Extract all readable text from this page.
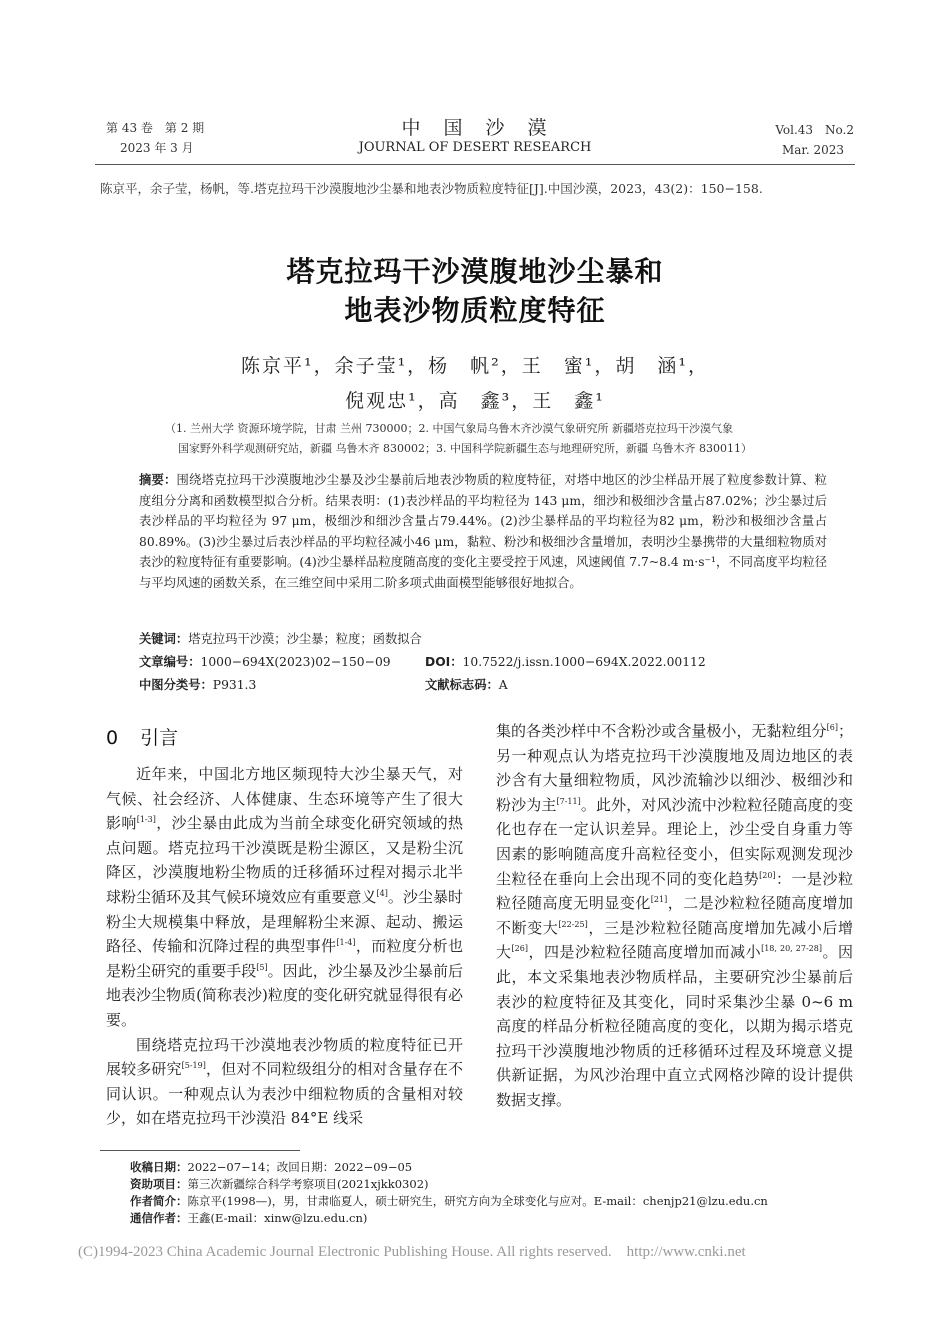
第 43 卷　第 2 期
2023 年 3 月
中　国　沙　漠
JOURNAL OF DESERT RESEARCH
Vol.43　No.2
Mar. 2023
陈京平，余子莹，杨帆，等.塔克拉玛干沙漠腹地沙尘暴和地表沙物质粒度特征[J].中国沙漠，2023，43(2)：150−158.
塔克拉玛干沙漠腹地沙尘暴和
地表沙物质粒度特征
陈京平¹，余子莹¹，杨　帆²，王　蜜¹，胡　涵¹，
倪观忠¹，高　鑫³，王　鑫¹
（1. 兰州大学 资源环境学院，甘肃 兰州 730000；2. 中国气象局乌鲁木齐沙漠气象研究所 新疆塔克拉玛干沙漠气象
国家野外科学观测研究站，新疆 乌鲁木齐 830002；3. 中国科学院新疆生态与地理研究所，新疆 乌鲁木齐 830011）
摘要：围绕塔克拉玛干沙漠腹地沙尘暴及沙尘暴前后地表沙物质的粒度特征，对塔中地区的沙尘样品开展了粒度参数计算、粒度组分分离和函数模型拟合分析。结果表明：(1)表沙样品的平均粒径为 143 μm，细沙和极细沙含量占87.02%；沙尘暴过后表沙样品的平均粒径为 97 μm，极细沙和细沙含量占79.44%。(2)沙尘暴样品的平均粒径为82 μm，粉沙和极细沙含量占80.89%。(3)沙尘暴过后表沙样品的平均粒径减小46 μm，黏粒、粉沙和极细沙含量增加，表明沙尘暴携带的大量细粒物质对表沙的粒度特征有重要影响。(4)沙尘暴样品粒度随高度的变化主要受控于风速，风速阈值 7.7~8.4 m·s⁻¹，不同高度平均粒径与平均风速的函数关系，在三维空间中采用二阶多项式曲面模型能够很好地拟合。
关键词：塔克拉玛干沙漠；沙尘暴；粒度；函数拟合
文章编号：1000−694X(2023)02−150−09	DOI：10.7522/j.issn.1000−694X.2022.00112
中图分类号：P931.3	文献标志码：A
0 引言

近年来，中国北方地区频现特大沙尘暴天气，对气候、社会经济、人体健康、生态环境等产生了很大影响[1-3]，沙尘暴由此成为当前全球变化研究领域的热点问题。塔克拉玛干沙漠既是粉尘源区，又是粉尘沉降区，沙漠腹地粉尘物质的迁移循环过程对揭示北半球粉尘循环及其气候环境效应有重要意义[4]。沙尘暴时粉尘大规模集中释放，是理解粉尘来源、起动、搬运路径、传输和沉降过程的典型事件[1-4]，而粒度分析也是粉尘研究的重要手段[5]。因此，沙尘暴及沙尘暴前后地表沙尘物质(简称表沙)粒度的变化研究就显得很有必要。

围绕塔克拉玛干沙漠地表沙物质的粒度特征已开展较多研究[5-19]，但对不同粒级组分的相对含量存在不同认识。一种观点认为表沙中细粒物质的含量相对较少，如在塔克拉玛干沙漠沿 84°E 线采

集的各类沙样中不含粉沙或含量极小，无黏粒组分[6]；另一种观点认为塔克拉玛干沙漠腹地及周边地区的表沙含有大量细粒物质，风沙流输沙以细沙、极细沙和粉沙为主[7-11]。此外，对风沙流中沙粒粒径随高度的变化也存在一定认识差异。理论上，沙尘受自身重力等因素的影响随高度升高粒径变小，但实际观测发现沙尘粒径在垂向上会出现不同的变化趋势[20]：一是沙粒粒径随高度无明显变化[21]，二是沙粒粒径随高度增加不断变大[22-25]，三是沙粒粒径随高度增加先减小后增大[26]，四是沙粒粒径随高度增加而减小[18, 20, 27-28]。因此，本文采集地表沙物质样品，主要研究沙尘暴前后表沙的粒度特征及其变化，同时采集沙尘暴 0~6 m 高度的样品分析粒径随高度的变化，以期为揭示塔克拉玛干沙漠腹地沙物质的迁移循环过程及环境意义提供新证据，为风沙治理中直立式网格沙障的设计提供数据支撑。

收稿日期：2022−07−14；改回日期：2022−09−05
资助项目：第三次新疆综合科学考察项目(2021xjkk0302)
作者简介：陈京平(1998—)，男，甘肃临夏人，硕士研究生，研究方向为全球变化与应对。E-mail：chenjp21@lzu.edu.cn
通信作者：王鑫(E-mail：xinw@lzu.edu.cn)
(C)1994-2023 China Academic Journal Electronic Publishing House. All rights reserved.　http://www.cnki.net
